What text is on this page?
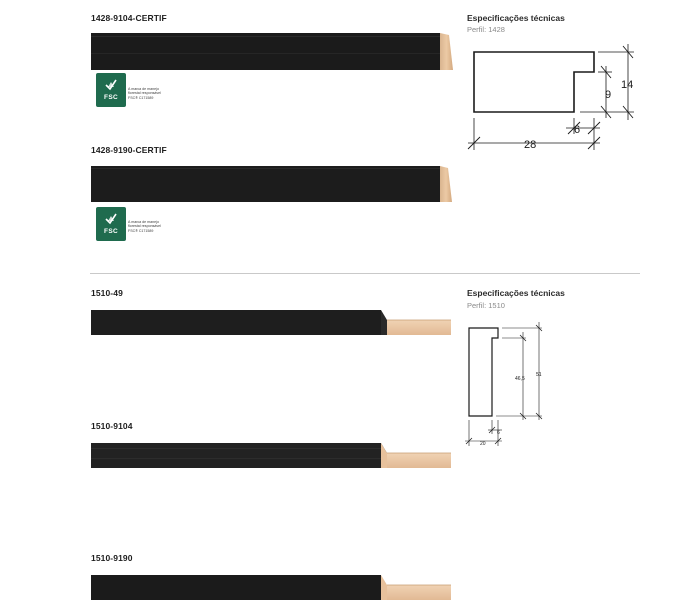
1428-9104-CERTIF
FSC
A marca de manejo
florestal responsável
FSC® C171589
1428-9190-CERTIF
FSC
A marca de manejo
florestal responsável
FSC® C171589
Especificações técnicas
Perfil: 1428
14
9
28
6
1510-49
1510-9104
1510-9190
Especificações técnicas
Perfil: 1510
51
46,5
20
6
